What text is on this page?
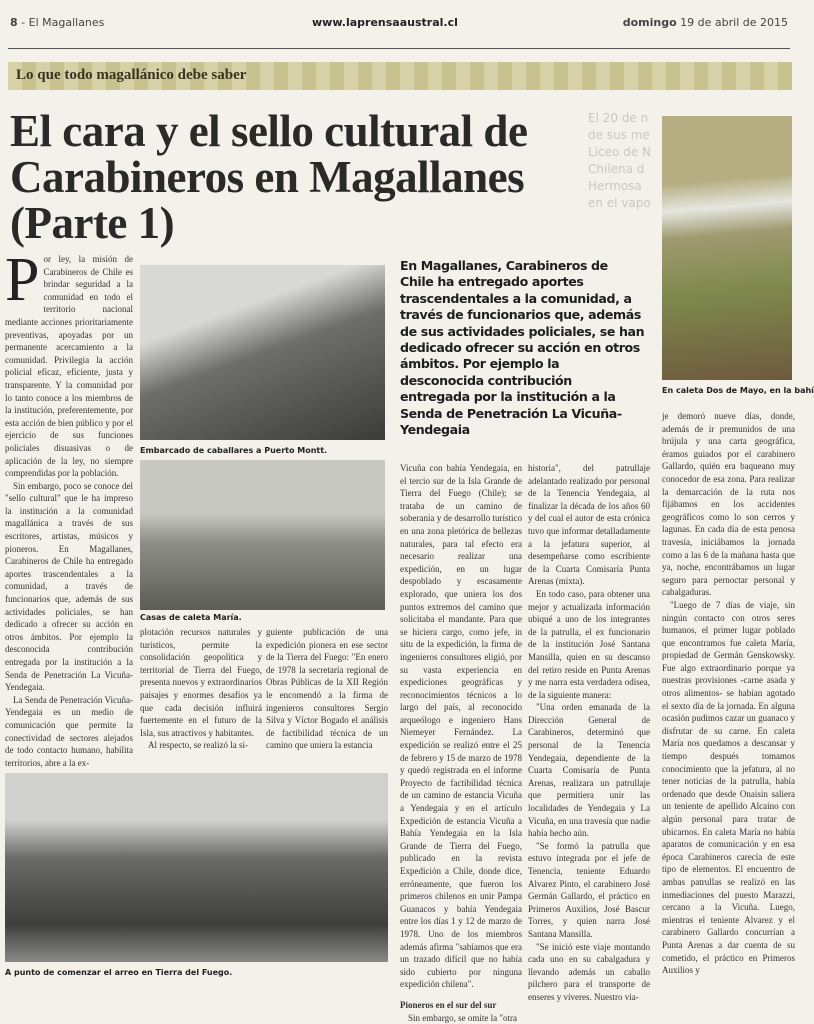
8 - El Magallanes	www.laprensaaustral.cl	domingo 19 de abril de 2015
Lo que todo magallánico debe saber
El cara y el sello cultural de
Carabineros en Magallanes
(Parte 1)
El 20 de n
de sus me
Liceo de N
Chilena d
Hermosa
en el vapo
En caleta Dos de Mayo, en la bahí
P or ley, la misión de Carabineros de Chile es brindar seguridad a la comunidad en todo el territorio nacional mediante acciones prioritariamente preventivas, apoyadas por un permanente acercamiento a la comunidad. Privilegia la acción policial eficaz, eficiente, justa y transparente. Y la comunidad por lo tanto conoce a los miembros de la institución, preferentemente, por esta acción de bien público y por el ejercicio de sus funciones policiales disuasivas o de aplicación de la ley, no siempre comprendidas por la población.

Sin embargo, poco se conoce del "sello cultural" que le ha impreso la institución a la comunidad magallánica a través de sus escritores, artistas, músicos y pioneros. En Magallanes, Carabineros de Chile ha entregado aportes trascendentales a la comunidad, a través de funcionarios que, además de sus actividades policiales, se han dedicado a ofrecer su acción en otros ámbitos. Por ejemplo la desconocida contribución entregada por la institución a la Senda de Penetración La Vicuña-Yendegaia.

La Senda de Penetración Vicuña-Yendegaia es un medio de comunicación que permite la conectividad de sectores alejados de todo contacto humano, habilita territorios, abre a la ex-

Embarcado de caballares a Puerto Montt.
Casas de caleta María.

plotación recursos naturales y turísticos, permite la consolidación geopolítica y territorial de Tierra del Fuego, presenta nuevos y extraordinarios paisajes y enormes desafíos ya que cada decisión influirá fuertemente en el futuro de la Isla, sus atractivos y habitantes.

Al respecto, se realizó la si-

guiente publicación de una expedición pionera en ese sector de la Tierra del Fuego: "En enero de 1978 la secretaría regional de Obras Públicas de la XII Región le encomendó a la firma de ingenieros consultores Sergio Silva y Víctor Bogado el análisis de factibilidad técnica de un camino que uniera la estancia

A punto de comenzar el arreo en Tierra del Fuego.
En Magallanes, Carabineros de Chile ha entregado aportes trascendentales a la comunidad, a través de funcionarios que, además de sus actividades policiales, se han dedicado ofrecer su acción en otros ámbitos. Por ejemplo la desconocida contribución entregada por la institución a la Senda de Penetración La Vicuña-Yendegaia

Vicuña con bahía Yendegaia, en el tercio sur de la Isla Grande de Tierra del Fuego (Chile); se trataba de un camino de soberanía y de desarrollo turístico en una zona pletórica de bellezas naturales, para tal efecto era necesario realizar una expedición, en un lugar despoblado y escasamente explorado, que uniera los dos puntos extremos del camino que solicitaba el mandante. Para que se hiciera cargo, como jefe, in situ de la expedición, la firma de ingenieros consultores eligió, por su vasta experiencia en expediciones geográficas y reconocimientos técnicos a lo largo del país, al reconocido arqueólogo e ingeniero Hans Niemeyer Fernández. La expedición se realizó entre el 25 de febrero y 15 de marzo de 1978 y quedó registrada en el informe Proyecto de factibilidad técnica de un camino de estancia Vicuña a Yendegaia y en el artículo Expedición de estancia Vicuña a Bahía Yendegaia en la Isla Grande de Tierra del Fuego, publicado en la revista Expedición a Chile, donde dice, erróneamente, que fueron los primeros chilenos en unir Pampa Guanacos y bahía Yendegaia entre los días 1 y 12 de marzo de 1978. Uno de los miembros además afirma "sabíamos que era un trazado difícil que no había sido cubierto por ninguna expedición chilena".

Pioneros en el sur del sur

Sin embargo, se omite la "otra

historia", del patrullaje adelantado realizado por personal de la Tenencia Yendegaia, al finalizar la década de los años 60 y del cual el autor de esta crónica tuvo que informar detalladamente a la jefatura superior, al desempeñarse como escribiente de la Cuarta Comisaría Punta Arenas (mixta).

En todo caso, para obtener una mejor y actualizada información ubiqué a uno de los integrantes de la patrulla, el ex funcionario de la institución José Santana Mansilla, quien en su descanso del retiro reside en Punta Arenas y me narra esta verdadera odisea, de la siguiente manera:

"Una orden emanada de la Dirección General de Carabineros, determinó que personal de la Tenencia Yendegaia, dependiente de la Cuarta Comisaría de Punta Arenas, realizara un patrullaje que permitiera unir las localidades de Yendegaia y La Vicuña, en una travesía que nadie había hecho aún.

"Se formó la patrulla que estuvo integrada por el jefe de Tenencia, teniente Eduardo Alvarez Pinto, el carabinero José Germán Gallardo, el práctico en Primeros Auxilios, José Bascur Torres, y quien narra José Santana Mansilla.

"Se inició este viaje montando cada uno en su cabalgadura y llevando además un caballo pilchero para el transporte de enseres y víveres. Nuestro via-

je demoró nueve días, donde, además de ir premunidos de una brújula y una carta geográfica, éramos guiados por el carabinero Gallardo, quién era baqueano muy conocedor de esa zona. Para realizar la demarcación de la ruta nos fijábamos en los accidentes geográficos como lo son cerros y lagunas. En cada día de esta penosa travesía, iniciábamos la jornada como a las 6 de la mañana hasta que ya, noche, encontrábamos un lugar seguro para pernoctar personal y cabalgaduras.

"Luego de 7 días de viaje, sin ningún contacto con otros seres humanos, el primer lugar poblado que encontramos fue caleta María, propiedad de Germán Genskowsky. Fue algo extraordinario porque ya nuestras provisiones -carne asada y otros alimentos- se habían agotado el sexto día de la jornada. En alguna ocasión pudimos cazar un guanaco y disfrutar de su carne. En caleta María nos quedamos a descansar y tiempo después tomamos conocimiento que la jefatura, al no tener noticias de la patrulla, había ordenado que desde Onaisin saliera un teniente de apellido Alcaíno con algún personal para tratar de ubicarnos. En caleta María no había aparatos de comunicación y en esa época Carabineros carecía de este tipo de elementos. El encuentro de ambas patrullas se realizó en las inmediaciones del puesto Marazzi, cercano a la Vicuña. Luego, mientras el teniente Alvarez y el carabinero Gallardo concurrían a Punta Arenas a dar cuenta de su cometido, el práctico en Primeros Auxilios y
